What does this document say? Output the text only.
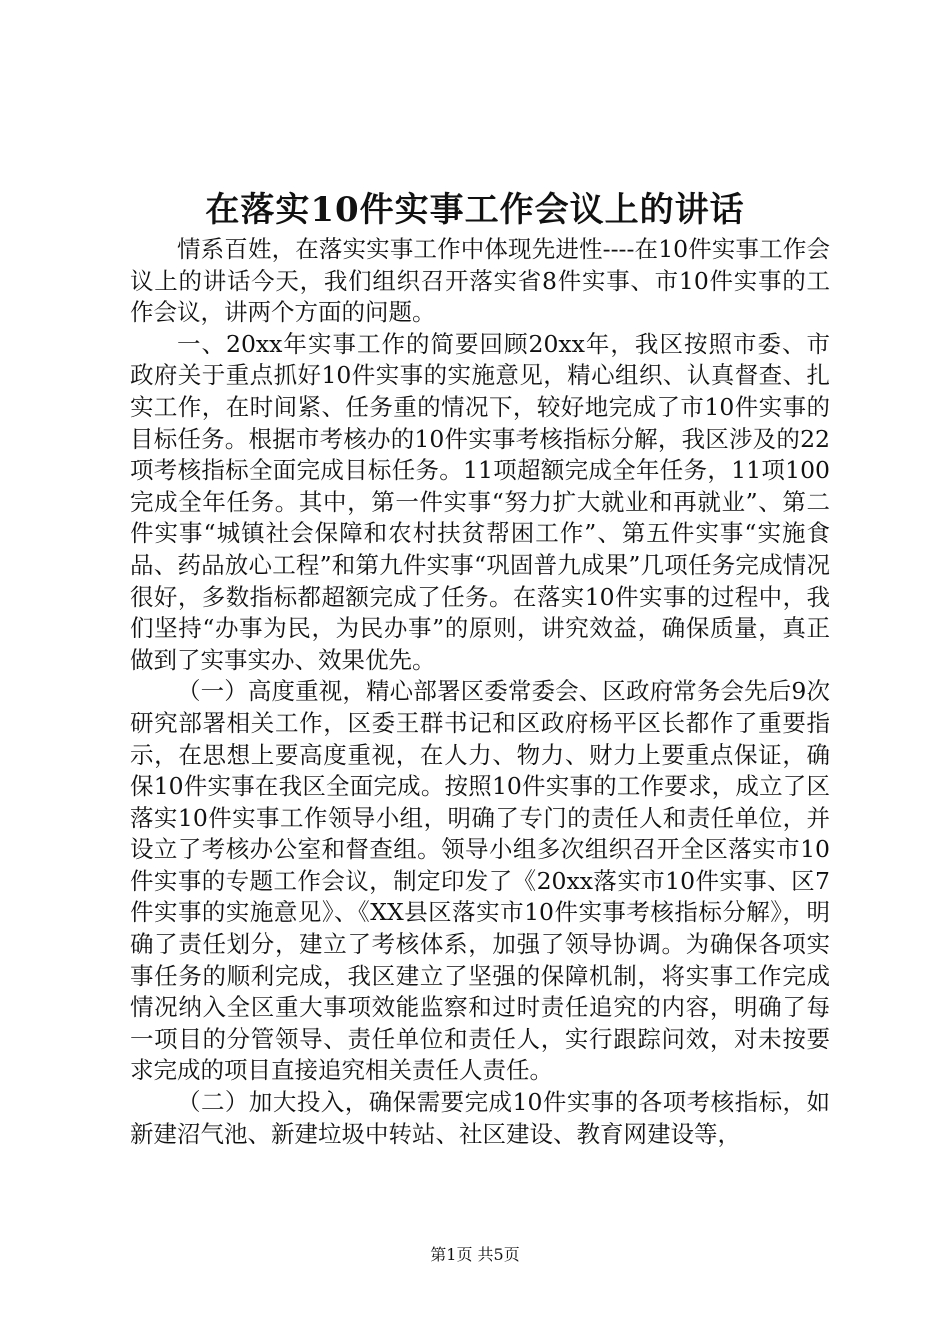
在落实10件实事工作会议上的讲话

情系百姓，在落实实事工作中体现先进性----在10件实事工作会议上的讲话今天，我们组织召开落实省8件实事、市10件实事的工作会议，讲两个方面的问题。

一、20xx年实事工作的简要回顾20xx年，我区按照市委、市政府关于重点抓好10件实事的实施意见，精心组织、认真督查、扎实工作，在时间紧、任务重的情况下，较好地完成了市10件实事的目标任务。根据市考核办的10件实事考核指标分解，我区涉及的22项考核指标全面完成目标任务。11项超额完成全年任务，11项100完成全年任务。其中，第一件实事“努力扩大就业和再就业”、第二件实事“城镇社会保障和农村扶贫帮困工作”、第五件实事“实施食品、药品放心工程”和第九件实事“巩固普九成果”几项任务完成情况很好，多数指标都超额完成了任务。在落实10件实事的过程中，我们坚持“办事为民，为民办事”的原则，讲究效益，确保质量，真正做到了实事实办、效果优先。

（一）高度重视，精心部署区委常委会、区政府常务会先后9次研究部署相关工作，区委王群书记和区政府杨平区长都作了重要指示，在思想上要高度重视，在人力、物力、财力上要重点保证，确保10件实事在我区全面完成。按照10件实事的工作要求，成立了区落实10件实事工作领导小组，明确了专门的责任人和责任单位，并设立了考核办公室和督查组。领导小组多次组织召开全区落实市10件实事的专题工作会议，制定印发了《20xx落实市10件实事、区7件实事的实施意见》、《XX县区落实市10件实事考核指标分解》，明确了责任划分，建立了考核体系，加强了领导协调。为确保各项实事任务的顺利完成，我区建立了坚强的保障机制，将实事工作完成情况纳入全区重大事项效能监察和过时责任追究的内容，明确了每一项目的分管领导、责任单位和责任人，实行跟踪问效，对未按要求完成的项目直接追究相关责任人责任。

（二）加大投入，确保需要完成10件实事的各项考核指标，如新建沼气池、新建垃圾中转站、社区建设、教育网建设等，

第1页 共5页
